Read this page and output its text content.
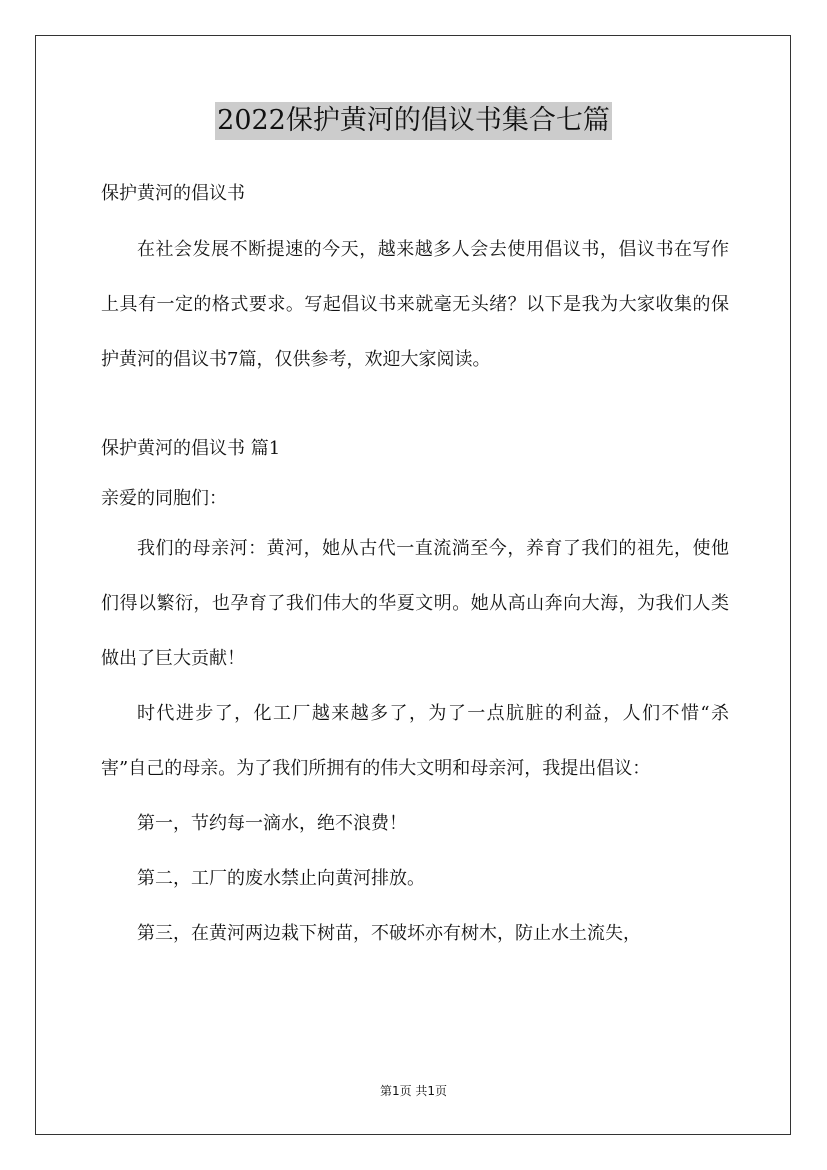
2022保护黄河的倡议书集合七篇
保护黄河的倡议书

在社会发展不断提速的今天，越来越多人会去使用倡议书，倡议书在写作上具有一定的格式要求。写起倡议书来就毫无头绪？以下是我为大家收集的保护黄河的倡议书7篇，仅供参考，欢迎大家阅读。

保护黄河的倡议书 篇1
亲爱的同胞们：

我们的母亲河：黄河，她从古代一直流淌至今，养育了我们的祖先，使他们得以繁衍，也孕育了我们伟大的华夏文明。她从高山奔向大海，为我们人类做出了巨大贡献！

时代进步了，化工厂越来越多了，为了一点肮脏的利益，人们不惜“杀害”自己的母亲。为了我们所拥有的伟大文明和母亲河，我提出倡议：

第一，节约每一滴水，绝不浪费！

第二，工厂的废水禁止向黄河排放。

第三，在黄河两边栽下树苗，不破坏亦有树木，防止水土流失，

第1页 共1页
